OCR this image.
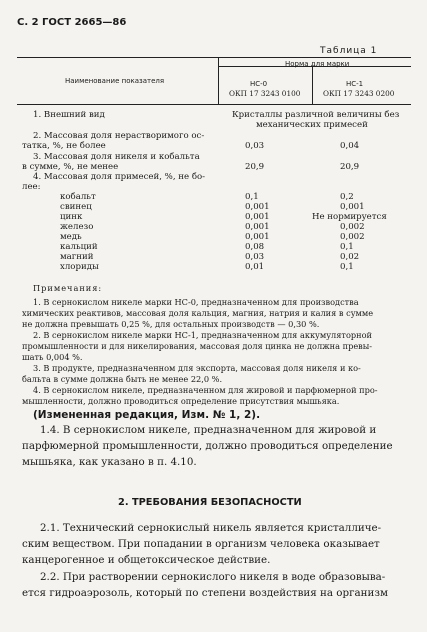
С. 2 ГОСТ 2665—86
Таблица 1
Наименование показателя
Норма для марки
НС-0
ОКП 17 3243 0100
НС-1
ОКП 17 3243 0200
1. Внешний вид	Кристаллы различной величины без
механических примесей
2. Массовая доля нерастворимого ос-
татка, %, не более	0,03	0,04
3. Массовая доля никеля и кобальта
в сумме, %, не менее	20,9	20,9
4. Массовая доля примесей, %, не бо-
лее:
кобальт	0,1	0,2
свинец	0,001	0,001
цинк	0,001	Не нормируется
железо	0,001	0,002
медь	0,001	0,002
кальций	0,08	0,1
магний	0,03	0,02
хлориды	0,01	0,1
Примечания:
1. В сернокислом никеле марки НС-0, предназначенном для производства
химических реактивов, массовая доля кальция, магния, натрия и калия в сумме
не должна превышать 0,25 %, для остальных производств — 0,30 %.
2. В сернокислом никеле марки НС-1, предназначенном для аккумуляторной
промышленности и для никелирования, массовая доля цинка не должна превы-
шать 0,004 %.
3. В продукте, предназначенном для экспорта, массовая доля никеля и ко-
бальта в сумме должна быть не менее 22,0 %.
4. В сернокислом никеле, предназначенном для жировой и парфюмерной про-
мышленности, должно проводиться определение присутствия мышьяка.
(Измененная редакция, Изм. № 1, 2).
1.4. В сернокислом никеле, предназначенном для жировой и
парфюмерной промышленности, должно проводиться определение
мышьяка, как указано в п. 4.10.
2. ТРЕБОВАНИЯ БЕЗОПАСНОСТИ
2.1. Технический сернокислый никель является кристалличе-
ским веществом. При попадании в организм человека оказывает
канцерогенное и общетоксическое действие.
2.2. При растворении сернокислого никеля в воде образовыва-
ется гидроаэрозоль, который по степени воздействия на организм
